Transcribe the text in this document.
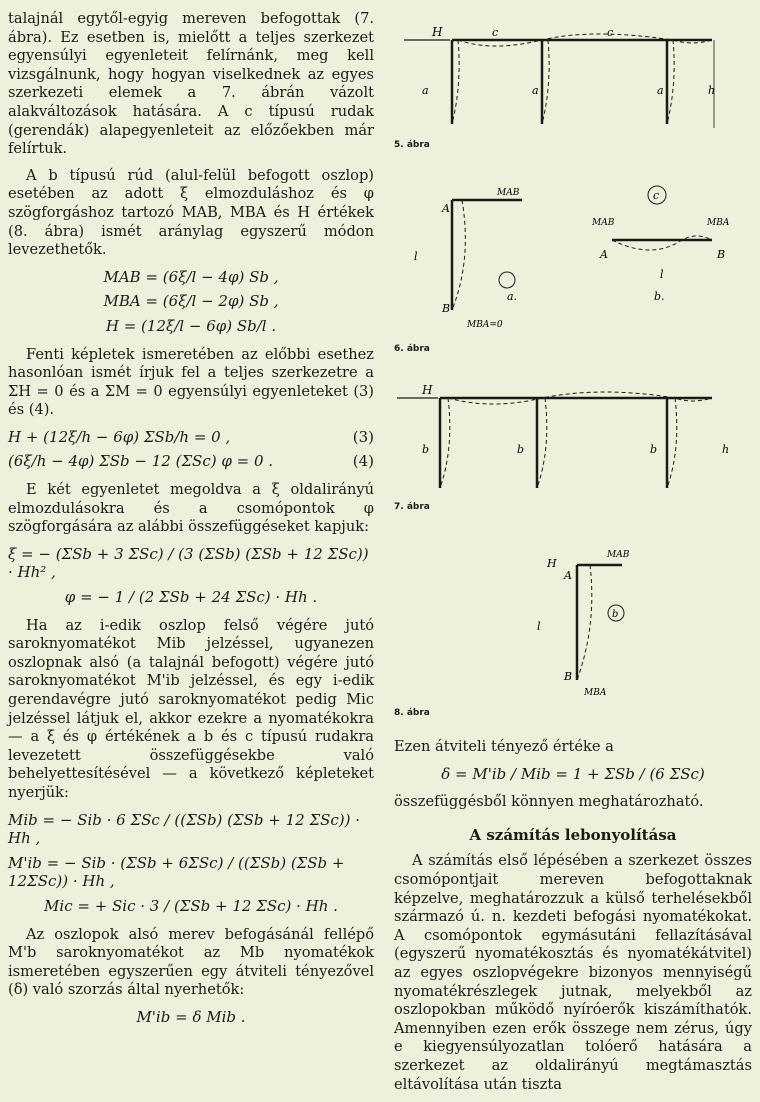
talajnál egytől-egyig mereven befogottak (7. ábra). Ez esetben is, mielőtt a teljes szerkezet egyensúlyi egyenleteit felírnánk, meg kell vizsgálnunk, hogy hogyan viselkednek az egyes szerkezeti elemek a 7. ábrán vázolt alakváltozások hatására. A c típusú rudak (gerendák) alapegyenleteit az előzőekben már felírtuk.

A b típusú rúd (alul-felül befogott oszlop) esetében az adott ξ elmozduláshoz és φ szögforgáshoz tartozó MAB, MBA és H értékek (8. ábra) ismét aránylag egyszerű módon levezethetők.

MAB = (6ξ/l − 4φ) Sb ,
MBA = (6ξ/l − 2φ) Sb ,
H = (12ξ/l − 6φ) Sb/l .

Fenti képletek ismeretében az előbbi esethez hasonlóan ismét írjuk fel a teljes szerkezetre a ΣH = 0 és a ΣM = 0 egyensúlyi egyenleteket (3) és (4).

H + (12ξ/h − 6φ) ΣSb/h = 0 ,	(3)
(6ξ/h − 4φ) ΣSb − 12 (ΣSc) φ = 0 .	(4)

E két egyenletet megoldva a ξ oldalirányú elmozdulásokra és a csomópontok φ szögforgására az alábbi összefüggéseket kapjuk:

ξ = − (ΣSb + 3 ΣSc) / (3 (ΣSb) (ΣSb + 12 ΣSc)) · Hh² ,
φ = − 1 / (2 ΣSb + 24 ΣSc) · Hh .

Ha az i-edik oszlop felső végére jutó saroknyomatékot Mib jelzéssel, ugyanezen oszlopnak alsó (a talajnál befogott) végére jutó saroknyomatékot M'ib jelzéssel, és egy i-edik gerendavégre jutó saroknyomatékot pedig Mic jelzéssel látjuk el, akkor ezekre a nyomatékokra — a ξ és φ értékének a b és c típusú rudakra levezetett összefüggésekbe való behelyettesítésével — a következő képleteket nyerjük:

Mib = − Sib · 6 ΣSc / ((ΣSb) (ΣSb + 12 ΣSc)) · Hh ,
M'ib = − Sib · (ΣSb + 6ΣSc) / ((ΣSb) (ΣSb + 12ΣSc)) · Hh ,
Mic = + Sic · 3 / (ΣSb + 12 ΣSc) · Hh .

Az oszlopok alsó merev befogásánál fellépő M'b saroknyomatékot az Mb nyomatékok ismeretében egyszerűen egy átviteli tényezővel (δ) való szorzás által nyerhetők:

M'ib = δ Mib .
H	c	c
a	a	a	h
5. ábra
A
B
l
MAB
MBA=0
a.
c
A	B
l
b.
MAB	MBA
6. ábra
H
b	b	b	h
7. ábra
A
B
l
H
MAB
MBA
b
8. ábra

Ezen átviteli tényező értéke a

δ = M'ib / Mib = 1 + ΣSb / (6 ΣSc)

összefüggésből könnyen meghatározható.

A számítás lebonyolítása

A számítás első lépésében a szerkezet összes csomópontjait mereven befogottaknak képzelve, meghatározzuk a külső terhelésekből származó ú. n. kezdeti befogási nyomatékokat. A csomópontok egymásutáni fellazításával (egyszerű nyomatékosztás és nyomatékátvitel) az egyes oszlopvégekre bizonyos mennyiségű nyomatékrészlegek jutnak, melyekből az oszlopokban működő nyíróerők kiszámíthatók. Amennyiben ezen erők összege nem zérus, úgy e kiegyensúlyozatlan tolóerő hatására a szerkezet az oldalirányú megtámasztás eltávolítása után tiszta
